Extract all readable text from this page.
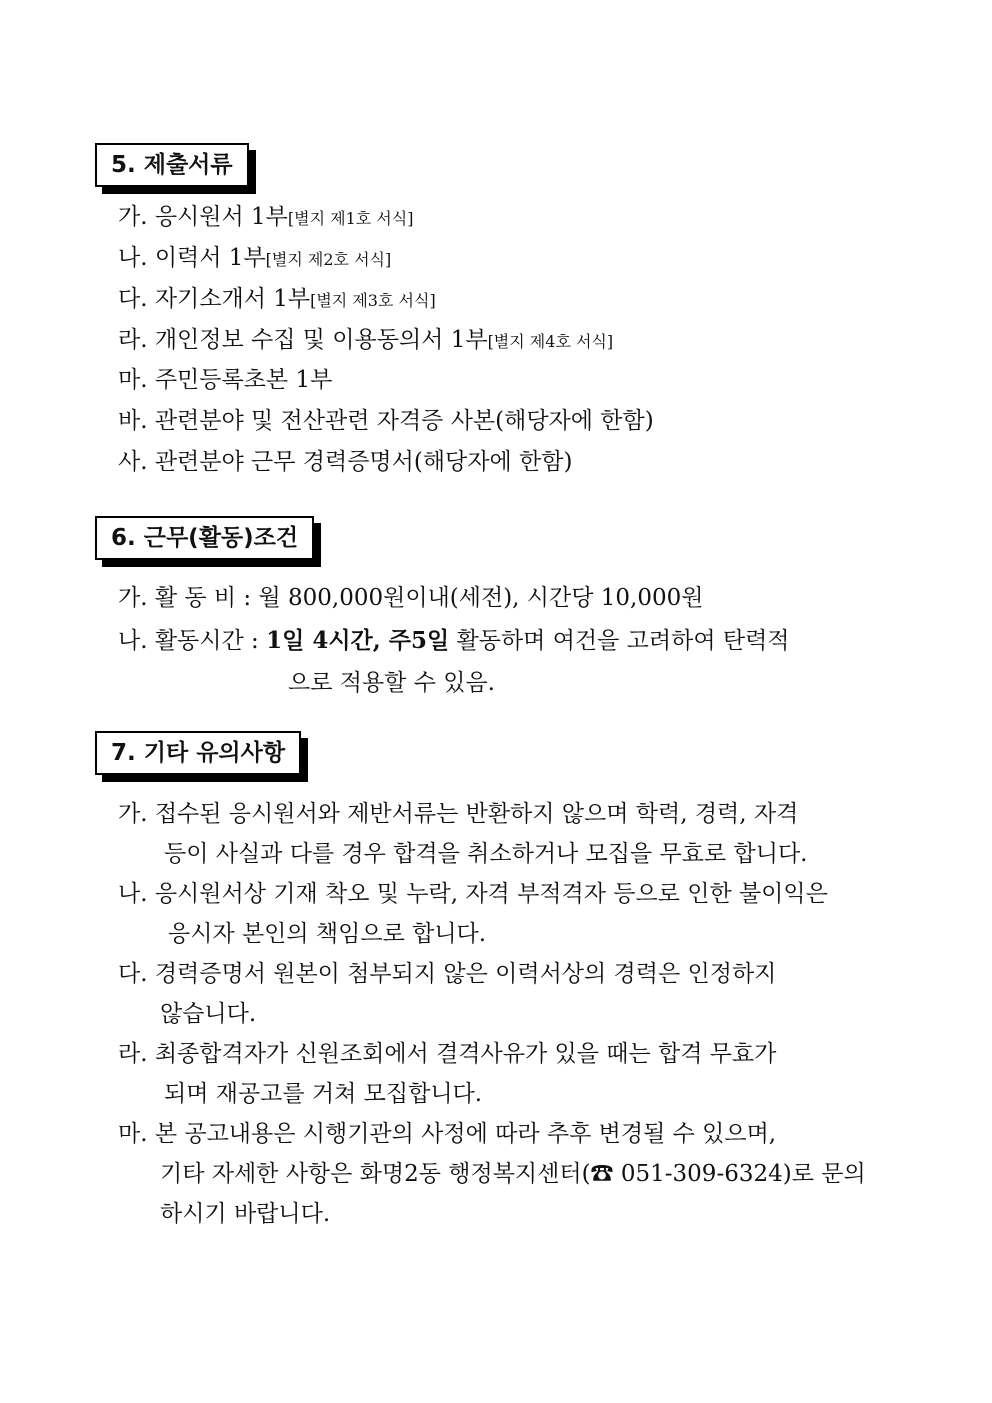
5. 제출서류
가. 응시원서 1부[별지 제1호 서식]
나. 이력서 1부[별지 제2호 서식]
다. 자기소개서 1부[별지 제3호 서식]
라. 개인정보 수집 및 이용동의서 1부[별지 제4호 서식]
마. 주민등록초본 1부
바. 관련분야 및 전산관련 자격증 사본(해당자에 한함)
사. 관련분야 근무 경력증명서(해당자에 한함)
6. 근무(활동)조건
가. 활 동 비 : 월 800,000원이내(세전), 시간당 10,000원
나. 활동시간 : 1일 4시간, 주5일 활동하며 여건을 고려하여 탄력적
으로 적용할 수 있음.
7. 기타 유의사항
가. 접수된 응시원서와 제반서류는 반환하지 않으며 학력, 경력, 자격
등이 사실과 다를 경우 합격을 취소하거나 모집을 무효로 합니다.
나. 응시원서상 기재 착오 및 누락, 자격 부적격자 등으로 인한 불이익은
응시자 본인의 책임으로 합니다.
다. 경력증명서 원본이 첨부되지 않은 이력서상의 경력은 인정하지
않습니다.
라. 최종합격자가 신원조회에서 결격사유가 있을 때는 합격 무효가
되며 재공고를 거쳐 모집합니다.
마. 본 공고내용은 시행기관의 사정에 따라 추후 변경될 수 있으며,
기타 자세한 사항은 화명2동 행정복지센터(☎ 051-309-6324)로 문의
하시기 바랍니다.
